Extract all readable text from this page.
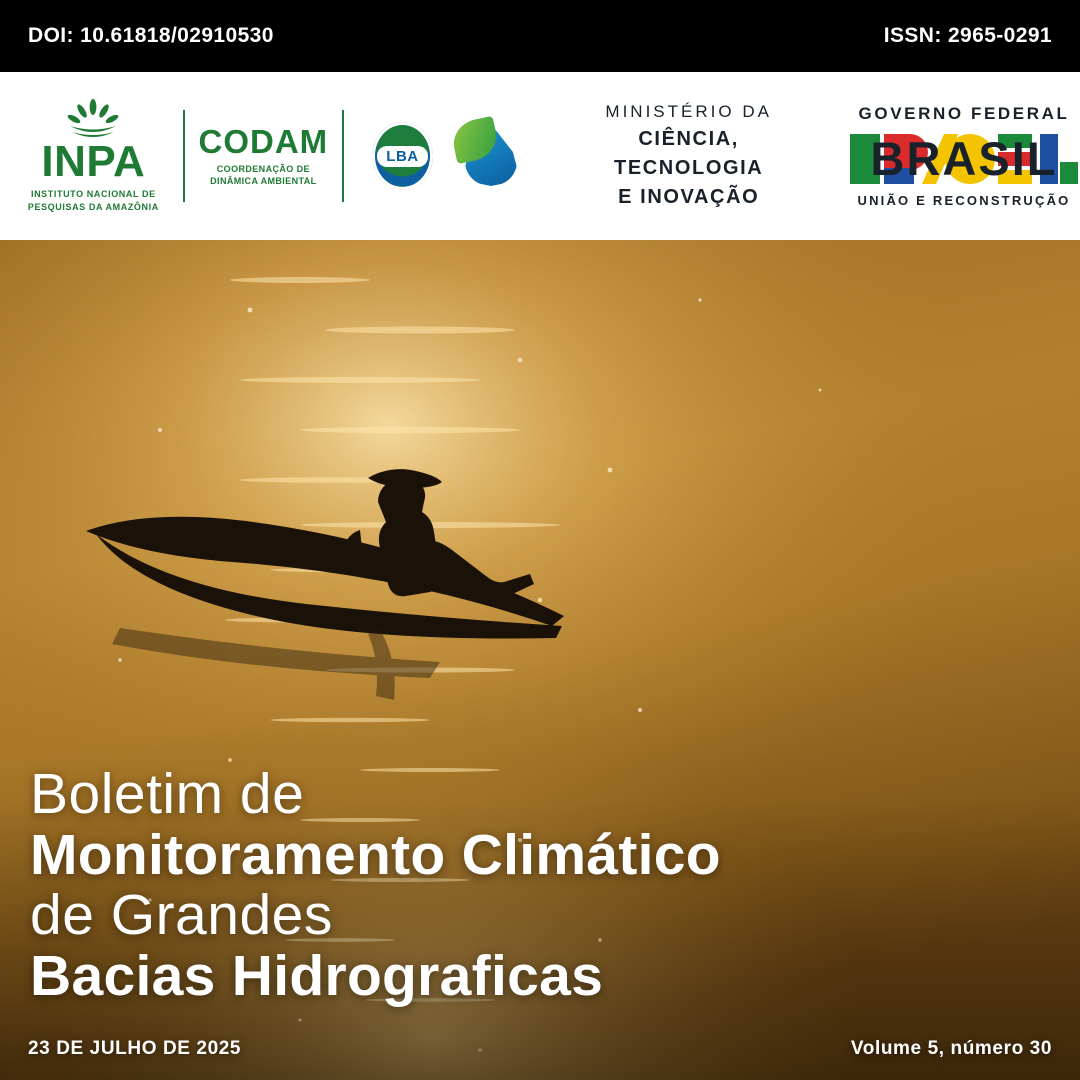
DOI: 10.61818/02910530	ISSN: 2965-0291
INPA
INSTITUTO NACIONAL DE
PESQUISAS DA AMAZÔNIA
CODAM
COORDENAÇÃO DE
DINÂMICA AMBIENTAL
LBA
MINISTÉRIO DA
CIÊNCIA, TECNOLOGIA
E INOVAÇÃO
GOVERNO FEDERAL
BRASIL
UNIÃO E RECONSTRUÇÃO
Boletim de
Monitoramento Climático
de Grandes
Bacias Hidrograficas
23 DE JULHO DE 2025	Volume 5, número 30
